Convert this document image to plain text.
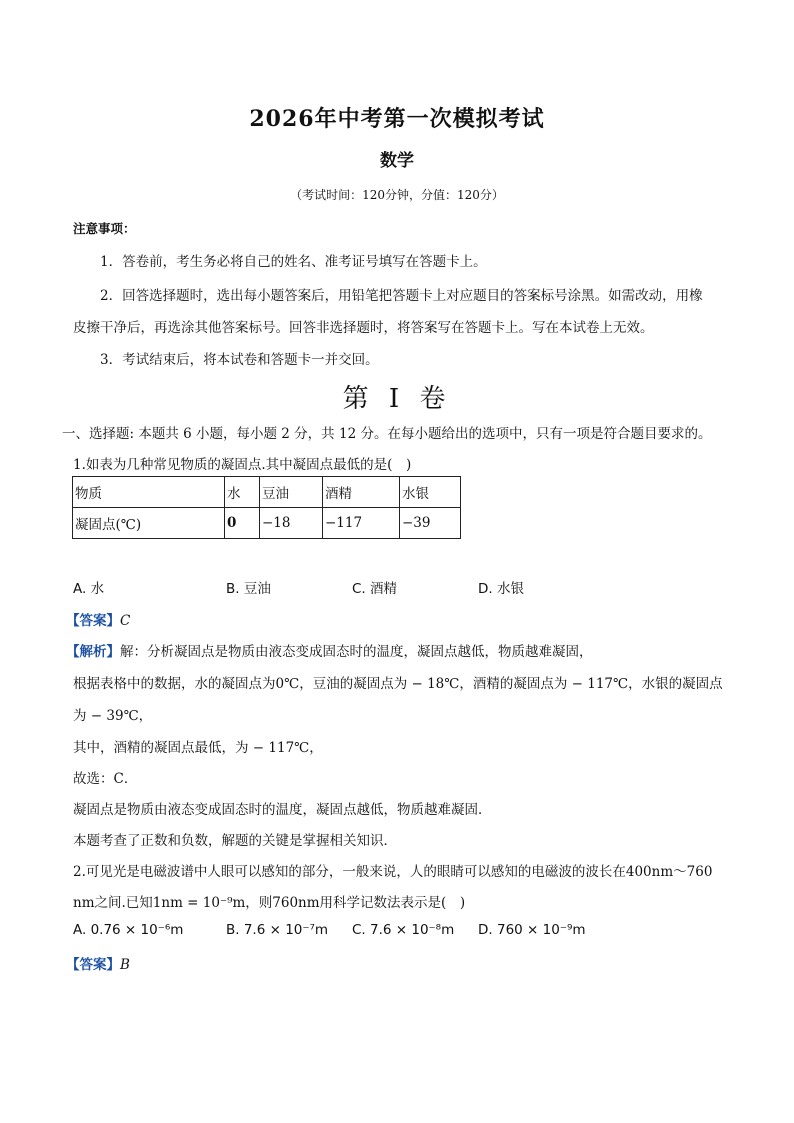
2026年中考第一次模拟考试
数学
（考试时间：120分钟，分值：120分）
注意事项：
1．答卷前，考生务必将自己的姓名、准考证号填写在答题卡上。
2．回答选择题时，选出每小题答案后，用铅笔把答题卡上对应题目的答案标号涂黑。如需改动，用橡
皮擦干净后，再选涂其他答案标号。回答非选择题时，将答案写在答题卡上。写在本试卷上无效。
3．考试结束后，将本试卷和答题卡一并交回。
第 I 卷
一、选择题: 本题共 6 小题，每小题 2 分，共 12 分。在每小题给出的选项中，只有一项是符合题目要求的。
1.如表为几种常见物质的凝固点.其中凝固点最低的是(　)
物质	水	豆油	酒精	水银
凝固点(℃)	0	−18	−117	−39
A. 水	B. 豆油	C. 酒精	D. 水银
【答案】C
【解析】解：分析凝固点是物质由液态变成固态时的温度，凝固点越低，物质越难凝固，
根据表格中的数据，水的凝固点为0℃，豆油的凝固点为 − 18℃，酒精的凝固点为 − 117℃，水银的凝固点
为 − 39℃，
其中，酒精的凝固点最低，为 − 117℃，
故选：C．
凝固点是物质由液态变成固态时的温度，凝固点越低，物质越难凝固．
本题考查了正数和负数，解题的关键是掌握相关知识．
2.可见光是电磁波谱中人眼可以感知的部分，一般来说，人的眼睛可以感知的电磁波的波长在400nm～760
nm之间.已知1nm = 10⁻⁹m，则760nm用科学记数法表示是(　)
A. 0.76 × 10⁻⁶m	B. 7.6 × 10⁻⁷m C. 7.6 × 10⁻⁸m D. 760 × 10⁻⁹m
【答案】B
